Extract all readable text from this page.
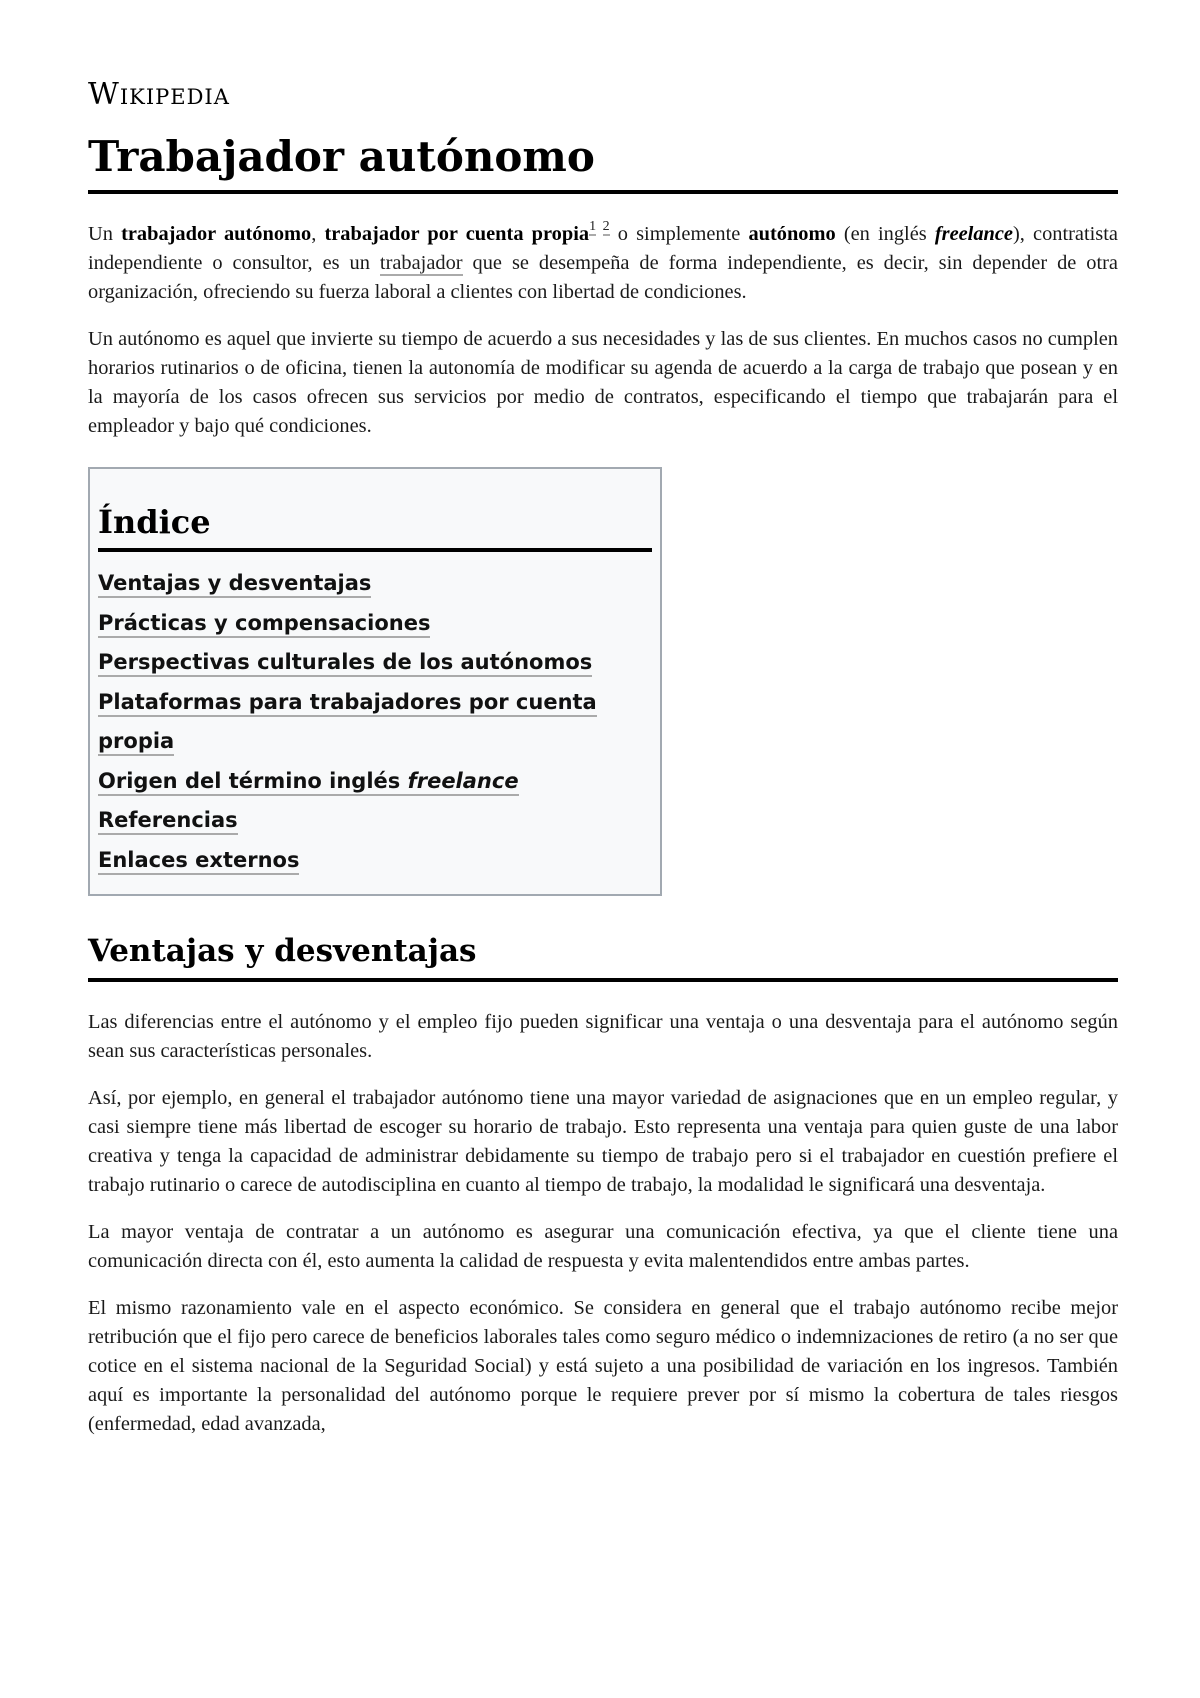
Wikipedia
Trabajador autónomo

Un trabajador autónomo, trabajador por cuenta propia$^{1 2}$ o simplemente autónomo (en inglés freelance), contratista independiente o consultor, es un trabajador que se desempeña de forma independiente, es decir, sin depender de otra organización, ofreciendo su fuerza laboral a clientes con libertad de condiciones.

Un autónomo es aquel que invierte su tiempo de acuerdo a sus necesidades y las de sus clientes. En muchos casos no cumplen horarios rutinarios o de oficina, tienen la autonomía de modificar su agenda de acuerdo a la carga de trabajo que posean y en la mayoría de los casos ofrecen sus servicios por medio de contratos, especificando el tiempo que trabajarán para el empleador y bajo qué condiciones.

Índice
Ventajas y desventajas
Prácticas y compensaciones
Perspectivas culturales de los autónomos
Plataformas para trabajadores por cuenta propia
Origen del término inglés freelance
Referencias
Enlaces externos
Ventajas y desventajas

Las diferencias entre el autónomo y el empleo fijo pueden significar una ventaja o una desventaja para el autónomo según sean sus características personales.

Así, por ejemplo, en general el trabajador autónomo tiene una mayor variedad de asignaciones que en un empleo regular, y casi siempre tiene más libertad de escoger su horario de trabajo. Esto representa una ventaja para quien guste de una labor creativa y tenga la capacidad de administrar debidamente su tiempo de trabajo pero si el trabajador en cuestión prefiere el trabajo rutinario o carece de autodisciplina en cuanto al tiempo de trabajo, la modalidad le significará una desventaja.

La mayor ventaja de contratar a un autónomo es asegurar una comunicación efectiva, ya que el cliente tiene una comunicación directa con él, esto aumenta la calidad de respuesta y evita malentendidos entre ambas partes.

El mismo razonamiento vale en el aspecto económico. Se considera en general que el trabajo autónomo recibe mejor retribución que el fijo pero carece de beneficios laborales tales como seguro médico o indemnizaciones de retiro (a no ser que cotice en el sistema nacional de la Seguridad Social) y está sujeto a una posibilidad de variación en los ingresos. También aquí es importante la personalidad del autónomo porque le requiere prever por sí mismo la cobertura de tales riesgos (enfermedad, edad avanzada,
